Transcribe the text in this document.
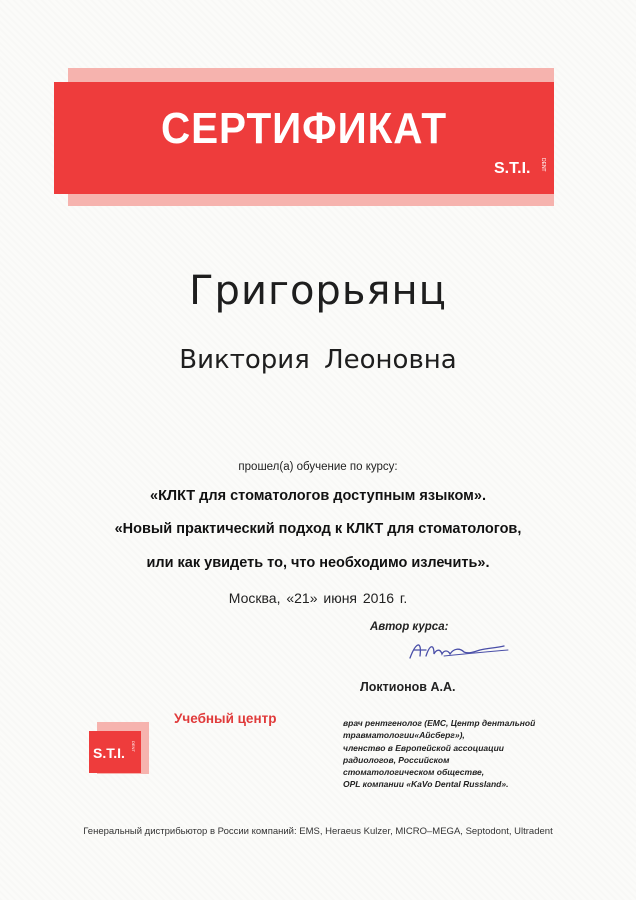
СЕРТИФИКАТ
S.T.I. DENT
Григорьянц
Виктория Леоновна
прошел(а) обучение по курсу:
«КЛКТ для стоматологов доступным языком».
«Новый практический подход к КЛКТ для стоматологов,
или как увидеть то, что необходимо излечить».
Москва, «21» июня 2016 г.
Автор курса:
Локтионов А.А.
Учебный центр
S.T.I. DENT
врач рентгенолог (ЕМС, Центр дентальной
травматологии«Айсберг»),
членство в Европейской ассоциации
радиологов, Российском
стоматологическом обществе,
OPL компании «KaVo Dental Russland».
Генеральный дистрибьютор в России компаний: EMS, Heraeus Kulzer, MICRO–MEGA, Septodont, Ultradent
